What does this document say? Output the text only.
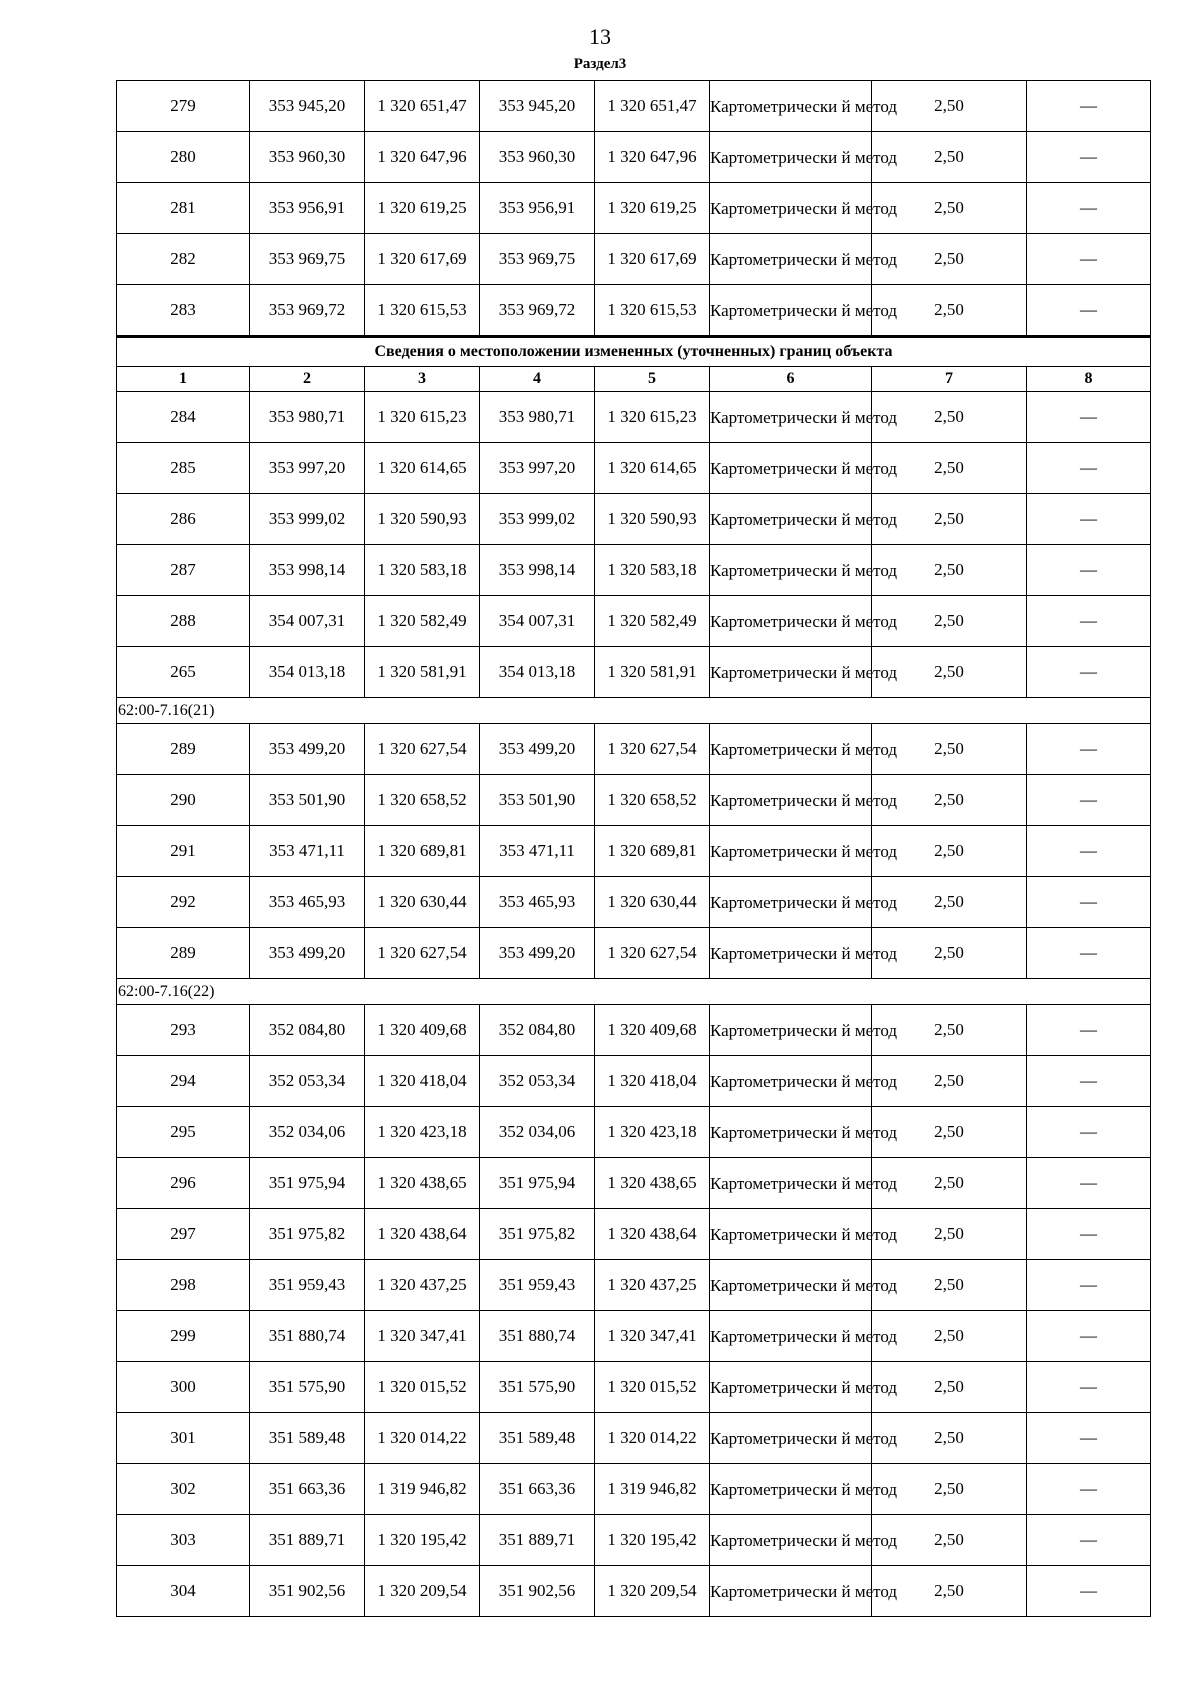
13
Раздел3
279	353 945,20	1 320 651,47	353 945,20	1 320 651,47	Картометрически й метод	2,50	—
280	353 960,30	1 320 647,96	353 960,30	1 320 647,96	Картометрически й метод	2,50	—
281	353 956,91	1 320 619,25	353 956,91	1 320 619,25	Картометрически й метод	2,50	—
282	353 969,75	1 320 617,69	353 969,75	1 320 617,69	Картометрически й метод	2,50	—
283	353 969,72	1 320 615,53	353 969,72	1 320 615,53	Картометрически й метод	2,50	—
Сведения о местоположении измененных (уточненных) границ объекта							
1	2	3	4	5	6	7	8
284	353 980,71	1 320 615,23	353 980,71	1 320 615,23	Картометрически й метод	2,50	—
285	353 997,20	1 320 614,65	353 997,20	1 320 614,65	Картометрически й метод	2,50	—
286	353 999,02	1 320 590,93	353 999,02	1 320 590,93	Картометрически й метод	2,50	—
287	353 998,14	1 320 583,18	353 998,14	1 320 583,18	Картометрически й метод	2,50	—
288	354 007,31	1 320 582,49	354 007,31	1 320 582,49	Картометрически й метод	2,50	—
265	354 013,18	1 320 581,91	354 013,18	1 320 581,91	Картометрически й метод	2,50	—
62:00-7.16(21)							
289	353 499,20	1 320 627,54	353 499,20	1 320 627,54	Картометрически й метод	2,50	—
290	353 501,90	1 320 658,52	353 501,90	1 320 658,52	Картометрически й метод	2,50	—
291	353 471,11	1 320 689,81	353 471,11	1 320 689,81	Картометрически й метод	2,50	—
292	353 465,93	1 320 630,44	353 465,93	1 320 630,44	Картометрически й метод	2,50	—
289	353 499,20	1 320 627,54	353 499,20	1 320 627,54	Картометрически й метод	2,50	—
62:00-7.16(22)							
293	352 084,80	1 320 409,68	352 084,80	1 320 409,68	Картометрически й метод	2,50	—
294	352 053,34	1 320 418,04	352 053,34	1 320 418,04	Картометрически й метод	2,50	—
295	352 034,06	1 320 423,18	352 034,06	1 320 423,18	Картометрически й метод	2,50	—
296	351 975,94	1 320 438,65	351 975,94	1 320 438,65	Картометрически й метод	2,50	—
297	351 975,82	1 320 438,64	351 975,82	1 320 438,64	Картометрически й метод	2,50	—
298	351 959,43	1 320 437,25	351 959,43	1 320 437,25	Картометрически й метод	2,50	—
299	351 880,74	1 320 347,41	351 880,74	1 320 347,41	Картометрически й метод	2,50	—
300	351 575,90	1 320 015,52	351 575,90	1 320 015,52	Картометрически й метод	2,50	—
301	351 589,48	1 320 014,22	351 589,48	1 320 014,22	Картометрически й метод	2,50	—
302	351 663,36	1 319 946,82	351 663,36	1 319 946,82	Картометрически й метод	2,50	—
303	351 889,71	1 320 195,42	351 889,71	1 320 195,42	Картометрически й метод	2,50	—
304	351 902,56	1 320 209,54	351 902,56	1 320 209,54	Картометрически й метод	2,50	—
